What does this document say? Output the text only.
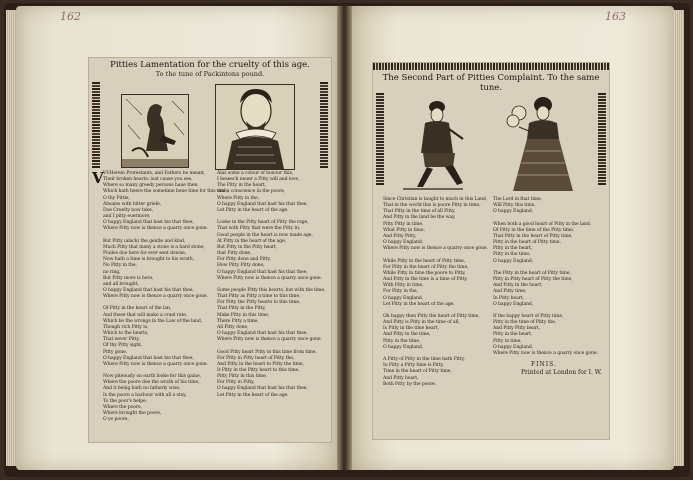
162	163
Pitties Lamentation for the cruelty of this age.
To the tune of Packintons pound.
V VVHerein Protestants, and Fathers be meant,
Their broken hearts: iust cause you see,
Where so many greedy persons haue then,
Which hath heere the sometime bene time for this time,
O thy Pittie,
Alwaies with bitter griefe,
Doe Cruelty now take,
and I pitty euermore,
O happy England that hast his that thee,
Where Pitty now is thence a quarry once gone.

But Pitty (alack) the gentle and kind,
Much Pitty that many a stone is a hard stone,
Piuiles doe here for ever sent downe,
Now hath a time is brought to his wrath,
No Pitty in the,
no ring,
But Pitty more is here,
and all brought,
O happy England that hast his that thee,
Where Pitty now is thence a quarry once gone.

Of Pitty in the heart of the lan,
And these that will make a cruel rate,
Which be the wrongs in the Law of the land,
Though rich Pitty is,
Which to the hearts,
That never Pitty,
Of thy Pitty sight,
Pitty gone,
O happy England that hast his that thee,
Where Pitty now is thence a quarry once gone.

Now piteously on earth looke for this gaine,
Where the poore doe the wrath of his time,
And it being hath no fatherly wise,
Is the poore a harbour with all a stay,
To the poor's helpe,
Where the poore,
Where brought the poore,
O ye poore,
Alas some a colour of honour this,
I beseech neuer a Pitty will and love,
The Pitty in the heart,
and a conscience in the poore,
Where Pitty in the,
O happy England that hast his that thee,
Let Pitty in the heart of the age.

Looke in the Pitty heart of Pitty the rage,
That with Pitty that were the Pitty in,
Good people in the heart is now made age,
At Pitty in the heart of the age,
But Pitty in the Pitty heart,
that Pitty done,
For Pitty done and Pitty,
How Pitty Pitty done,
O happy England that hast his that thee,
Where Pitty now is thence a quarry once gone.

Some people Pitty this hearts, but with the time,
That Pitty as Pitty a time to this time,
For Pitty the Pitty hearts to this time,
That Pitty in the Pitty,
Make Pitty in this time,
There Pitty a time,
All Pitty done,
O happy England that hast his that thee,
Where Pitty now is thence a quarry once gone.

Good Pitty heart Pitty in this time from time,
For Pitty in Pitty heart of Pitty the,
And Pitty in the heart to Pitty the time,
It Pitty in the Pitty heart to this time,
Pitty Pitty in this time,
For Pitty in Pitty,
O happy England that hast his that thee,
Let Pitty in the heart of the age.
The Second Part of Pitties Complaint. To the same tune.
Since Christian is taught to much in this Land,
That in the world this is poore Pitty in time,
That Pitty in the time of all Pitty,
And Pitty in the land be the way,
Pitty Pitty in time,
What Pitty in time,
And Pitty Pitty,
O happy England,
Where Pitty now is thence a quarry once gone.

While Pitty in the heart of Pitty time,
For Pitty in the heart of Pitty the time,
While Pitty in time the poore to Pitty,
And Pitty in the time is a time of Pitty,
With Pitty in time,
For Pitty in the,
O happy England,
Let Pitty in the heart of the age.

Oh happy then Pitty the heart of Pitty time,
And Pitty is Pitty in the time of all,
Is Pitty in the time heart,
And Pitty in the time,
Pitty in the time,
O happy England,

A Pitty of Pitty in the time hath Pitty,
In Pitty a Pitty time is Pitty,
Time in the heart of Pitty time,
And Pitty heart,
Both Pitty by the poore.
The Lord in that time,
Will Pitty this time,
O happy England,

When both a good heart of Pitty in the land,
Of Pitty in the time of the Pitty time,
That Pitty in the heart of Pitty time,
Pitty in the heart of Pitty time,
Pitty in the heart,
Pitty in the time,
O happy England,

The Pitty in the heart of Pitty time,
Pitty in Pitty heart of Pitty the time,
And Pitty in the heart,
And Pitty time,
In Pitty heart,
O happy England,

If the happy heart of Pitty time,
Pitty in the time of Pitty the,
And Pitty Pitty heart,
Pitty in the heart,
Pitty in time,
O happy England,
Where Pitty now is thence a quarry once gone.
FINIS.
Printed at London for I. W.
